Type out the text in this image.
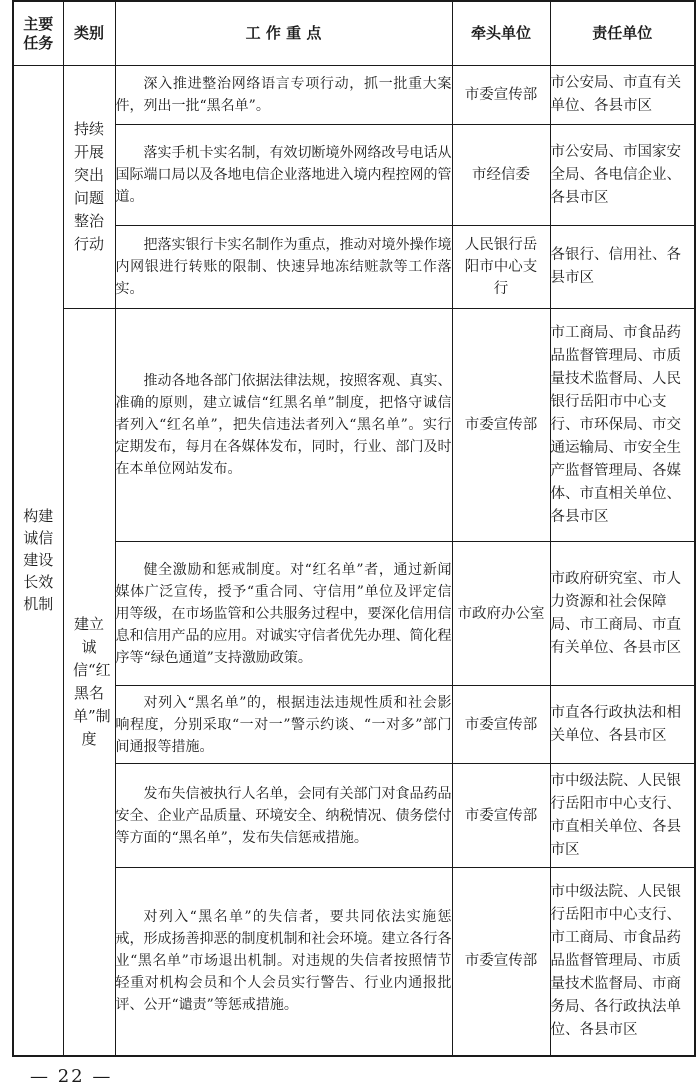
主要任务	类别	工 作 重 点	牵头单位	责任单位

构建诚信建设长效机制	持续开展突出问题整治行动	深入推进整治网络语言专项行动，抓一批重大案件，列出一批“黑名单”。	市委宣传部	市公安局、市直有关单位、各县市区

		落实手机卡实名制，有效切断境外网络改号电话从国际端口局以及各地电信企业落地进入境内程控网的管道。	市经信委	市公安局、市国家安全局、各电信企业、各县市区

		把落实银行卡实名制作为重点，推动对境外操作境内网银进行转账的限制、快速异地冻结赃款等工作落实。	人民银行岳阳市中心支行	各银行、信用社、各县市区

	建立诚信“红黑名单”制度	推动各地各部门依据法律法规，按照客观、真实、准确的原则，建立诚信“红黑名单”制度，把恪守诚信者列入“红名单”，把失信违法者列入“黑名单”。实行定期发布，每月在各媒体发布，同时，行业、部门及时在本单位网站发布。	市委宣传部	市工商局、市食品药品监督管理局、市质量技术监督局、人民银行岳阳市中心支行、市环保局、市交通运输局、市安全生产监督管理局、各媒体、市直相关单位、各县市区

		健全激励和惩戒制度。对“红名单”者，通过新闻媒体广泛宣传，授予“重合同、守信用”单位及评定信用等级，在市场监管和公共服务过程中，要深化信用信息和信用产品的应用。对诚实守信者优先办理、简化程序等“绿色通道”支持激励政策。	市政府办公室	市政府研究室、市人力资源和社会保障局、市工商局、市直有关单位、各县市区

		对列入“黑名单”的，根据违法违规性质和社会影响程度，分别采取“一对一”警示约谈、“一对多”部门间通报等措施。	市委宣传部	市直各行政执法和相关单位、各县市区

		发布失信被执行人名单，会同有关部门对食品药品安全、企业产品质量、环境安全、纳税情况、债务偿付等方面的“黑名单”，发布失信惩戒措施。	市委宣传部	市中级法院、人民银行岳阳市中心支行、市直相关单位、各县市区

		对列入“黑名单”的失信者，要共同依法实施惩戒，形成扬善抑恶的制度机制和社会环境。建立各行各业“黑名单”市场退出机制。对违规的失信者按照情节轻重对机构会员和个人会员实行警告、行业内通报批评、公开“谴责”等惩戒措施。	市委宣传部	市中级法院、人民银行岳阳市中心支行、市工商局、市食品药品监督管理局、市质量技术监督局、市商务局、各行政执法单位、各县市区
— 22 —
